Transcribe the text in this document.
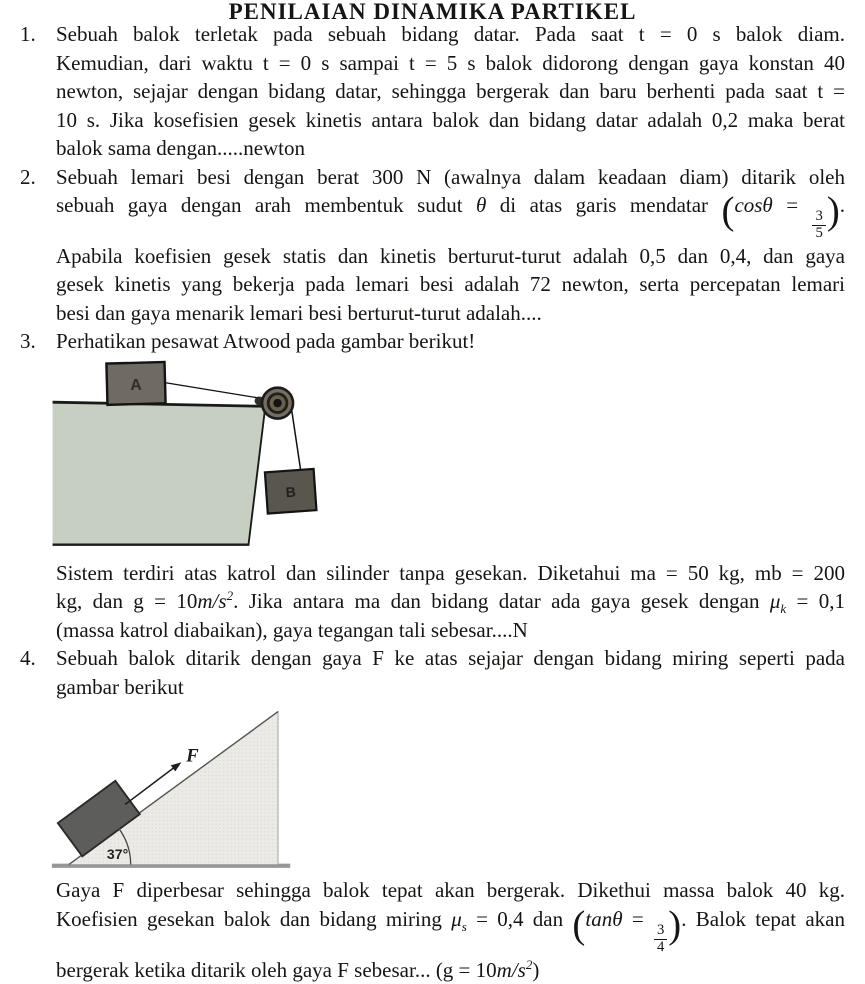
PENILAIAN DINAMIKA PARTIKEL
1. Sebuah balok terletak pada sebuah bidang datar. Pada saat t = 0 s balok diam.
Kemudian, dari waktu t = 0 s sampai t = 5 s balok didorong dengan gaya konstan 40
newton, sejajar dengan bidang datar, sehingga bergerak dan baru berhenti pada saat t =
10 s. Jika kosefisien gesek kinetis antara balok dan bidang datar adalah 0,2 maka berat
balok sama dengan.....newton
2. Sebuah lemari besi dengan berat 300 N (awalnya dalam keadaan diam) ditarik oleh
sebuah gaya dengan arah membentuk sudut θ di atas garis mendatar (cosθ =
$\frac{3}{5}$ ).
Apabila koefisien gesek statis dan kinetis berturut-turut adalah 0,5 dan 0,4, dan gaya
gesek kinetis yang bekerja pada lemari besi adalah 72 newton, serta percepatan lemari
besi dan gaya menarik lemari besi berturut-turut adalah....
3. Perhatikan pesawat Atwood pada gambar berikut!
A
B
Sistem terdiri atas katrol dan silinder tanpa gesekan. Diketahui ma = 50 kg, mb = 200
kg, dan $g = 10m/s^2$. Jika antara ma dan bidang datar ada gaya gesek dengan $\mu_k = 0,1$
(massa katrol diabaikan), gaya tegangan tali sebesar....N
4. Sebuah balok ditarik dengan gaya F ke atas sejajar dengan bidang miring seperti pada
gambar berikut
F
37°
Gaya F diperbesar sehingga balok tepat akan bergerak. Dikethui massa balok 40 kg.
Koefisien gesekan balok dan bidang miring $\mu_s = 0,4$ dan (tanθ =
$\frac{3}{4}$ ). Balok tepat akan
bergerak ketika ditarik oleh gaya F sebesar... $(g = 10m/s^2)$
